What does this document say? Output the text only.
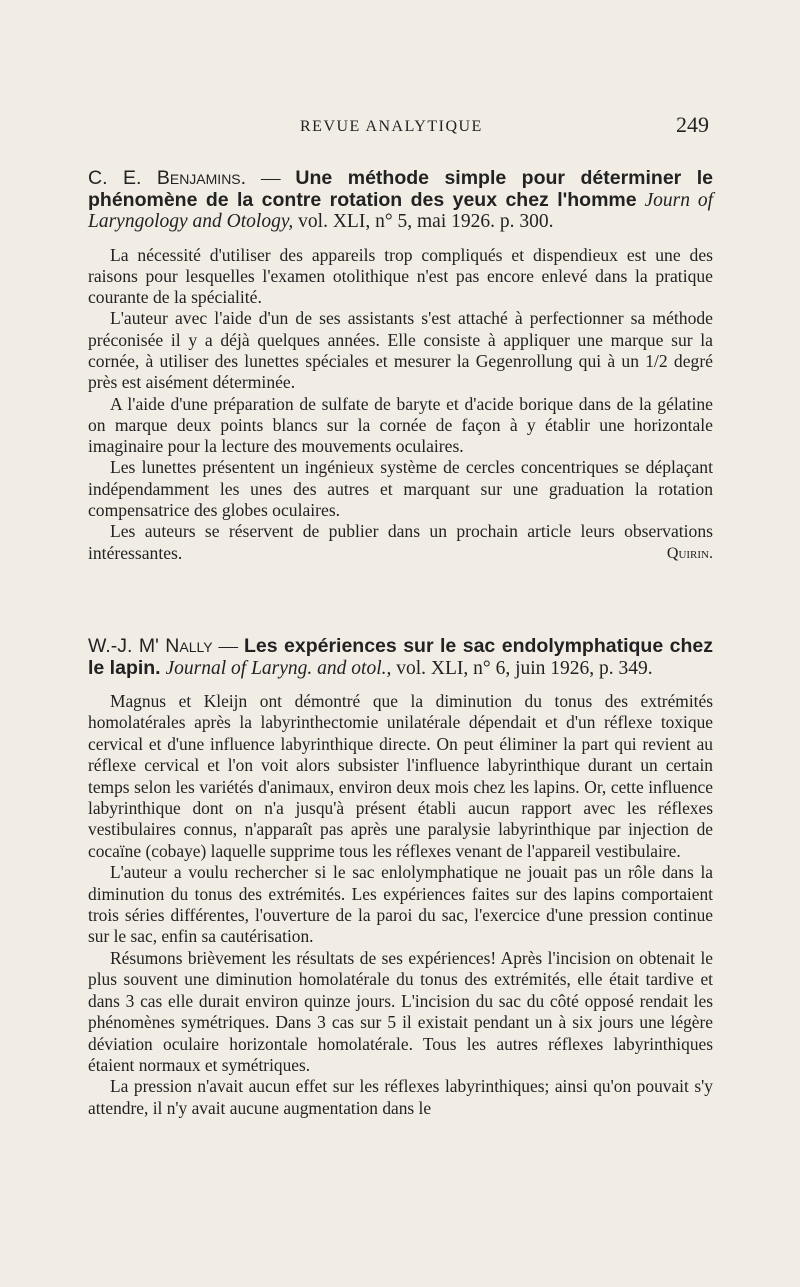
REVUE ANALYTIQUE	249

C. E. Benjamins. — Une méthode simple pour déterminer le phénomène de la contre rotation des yeux chez l'homme Journ of Laryngology and Otology, vol. XLI, n° 5, mai 1926. p. 300.

La nécessité d'utiliser des appareils trop compliqués et dispendieux est une des raisons pour lesquelles l'examen otolithique n'est pas encore enlevé dans la pratique courante de la spécialité.

L'auteur avec l'aide d'un de ses assistants s'est attaché à perfectionner sa méthode préconisée il y a déjà quelques années. Elle consiste à appliquer une marque sur la cornée, à utiliser des lunettes spéciales et mesurer la Gegenrollung qui à un 1/2 degré près est aisément déterminée.

A l'aide d'une préparation de sulfate de baryte et d'acide borique dans de la gélatine on marque deux points blancs sur la cornée de façon à y établir une horizontale imaginaire pour la lecture des mouvements oculaires.

Les lunettes présentent un ingénieux système de cercles concentriques se déplaçant indépendamment les unes des autres et marquant sur une graduation la rotation compensatrice des globes oculaires.

Les auteurs se réservent de publier dans un prochain article leurs observations intéressantes.	Quirin.

W.-J. M' Nally — Les expériences sur le sac endolymphatique chez le lapin. Journal of Laryng. and otol., vol. XLI, n° 6, juin 1926, p. 349.

Magnus et Kleijn ont démontré que la diminution du tonus des extrémités homolatérales après la labyrinthectomie unilatérale dépendait et d'un réflexe toxique cervical et d'une influence labyrinthique directe. On peut éliminer la part qui revient au réflexe cervical et l'on voit alors subsister l'influence labyrinthique durant un certain temps selon les variétés d'animaux, environ deux mois chez les lapins. Or, cette influence labyrinthique dont on n'a jusqu'à présent établi aucun rapport avec les réflexes vestibulaires connus, n'apparaît pas après une paralysie labyrinthique par injection de cocaïne (cobaye) laquelle supprime tous les réflexes venant de l'appareil vestibulaire.

L'auteur a voulu rechercher si le sac enlolymphatique ne jouait pas un rôle dans la diminution du tonus des extrémités. Les expériences faites sur des lapins comportaient trois séries différentes, l'ouverture de la paroi du sac, l'exercice d'une pression continue sur le sac, enfin sa cautérisation.

Résumons brièvement les résultats de ses expériences! Après l'incision on obtenait le plus souvent une diminution homolatérale du tonus des extrémités, elle était tardive et dans 3 cas elle durait environ quinze jours. L'incision du sac du côté opposé rendait les phénomènes symétriques. Dans 3 cas sur 5 il existait pendant un à six jours une légère déviation oculaire horizontale homolatérale. Tous les autres réflexes labyrinthiques étaient normaux et symétriques.

La pression n'avait aucun effet sur les réflexes labyrinthiques; ainsi qu'on pouvait s'y attendre, il n'y avait aucune augmentation dans le
